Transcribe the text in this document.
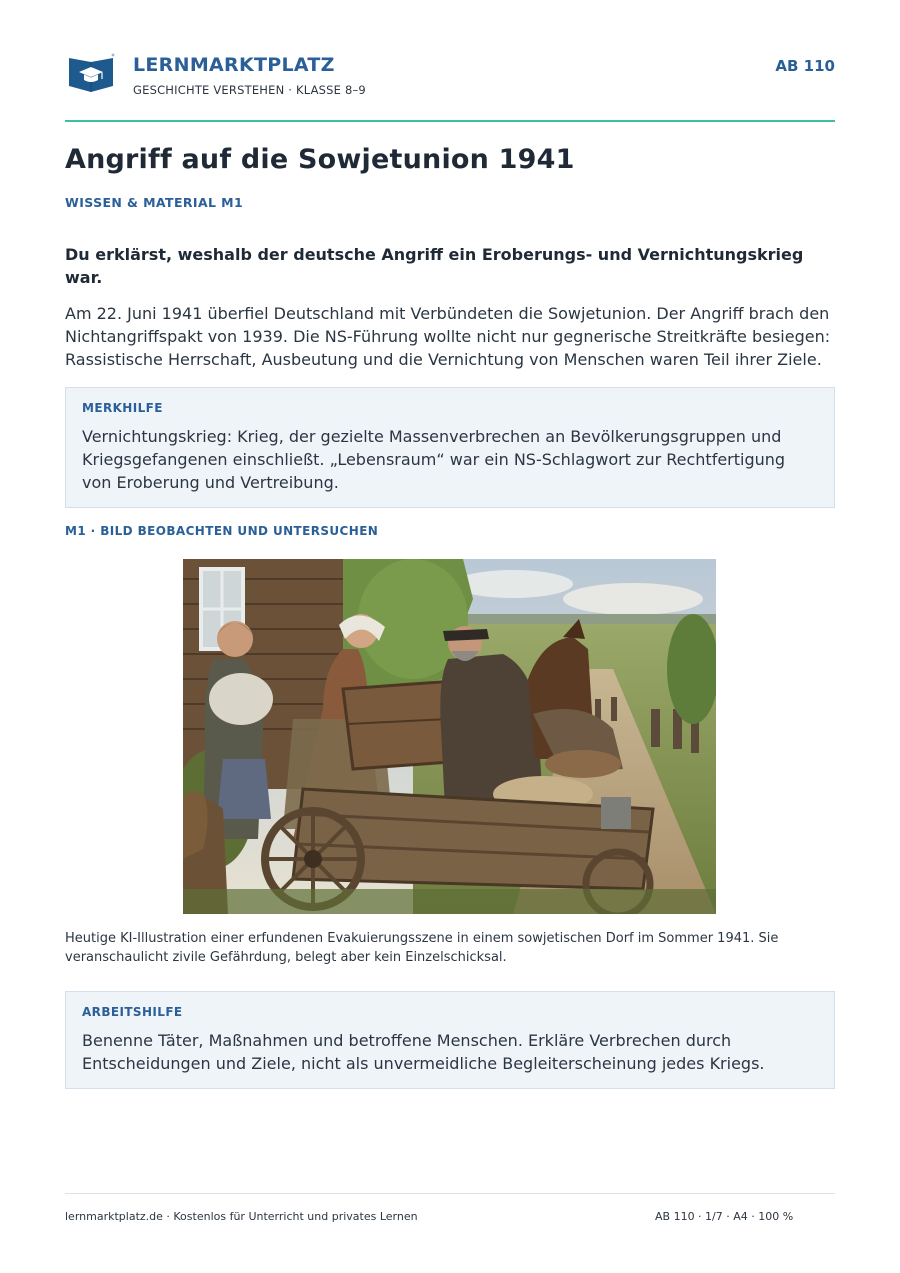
LERNMARKTPLATZ
GESCHICHTE VERSTEHEN · KLASSE 8–9
AB 110
Angriff auf die Sowjetunion 1941
WISSEN & MATERIAL M1

Du erklärst, weshalb der deutsche Angriff ein Eroberungs- und Vernichtungskrieg war.

Am 22. Juni 1941 überfiel Deutschland mit Verbündeten die Sowjetunion. Der Angriff brach den Nichtangriffspakt von 1939. Die NS-Führung wollte nicht nur gegnerische Streitkräfte besiegen: Rassistische Herrschaft, Ausbeutung und die Vernichtung von Menschen waren Teil ihrer Ziele.

MERKHILFE
Vernichtungskrieg: Krieg, der gezielte Massenverbrechen an Bevölkerungsgruppen und Kriegsgefangenen einschließt. „Lebensraum“ war ein NS-Schlagwort zur Rechtfertigung von Eroberung und Vertreibung.
M1 · BILD BEOBACHTEN UND UNTERSUCHEN

Heutige KI-Illustration einer erfundenen Evakuierungsszene in einem sowjetischen Dorf im Sommer 1941. Sie veranschaulicht zivile Gefährdung, belegt aber kein Einzelschicksal.

ARBEITSHILFE
Benenne Täter, Maßnahmen und betroffene Menschen. Erkläre Verbrechen durch Entscheidungen und Ziele, nicht als unvermeidliche Begleiterscheinung jedes Kriegs.
lernmarktplatz.de · Kostenlos für Unterricht und privates Lernen	AB 110 · 1/7 · A4 · 100 %
